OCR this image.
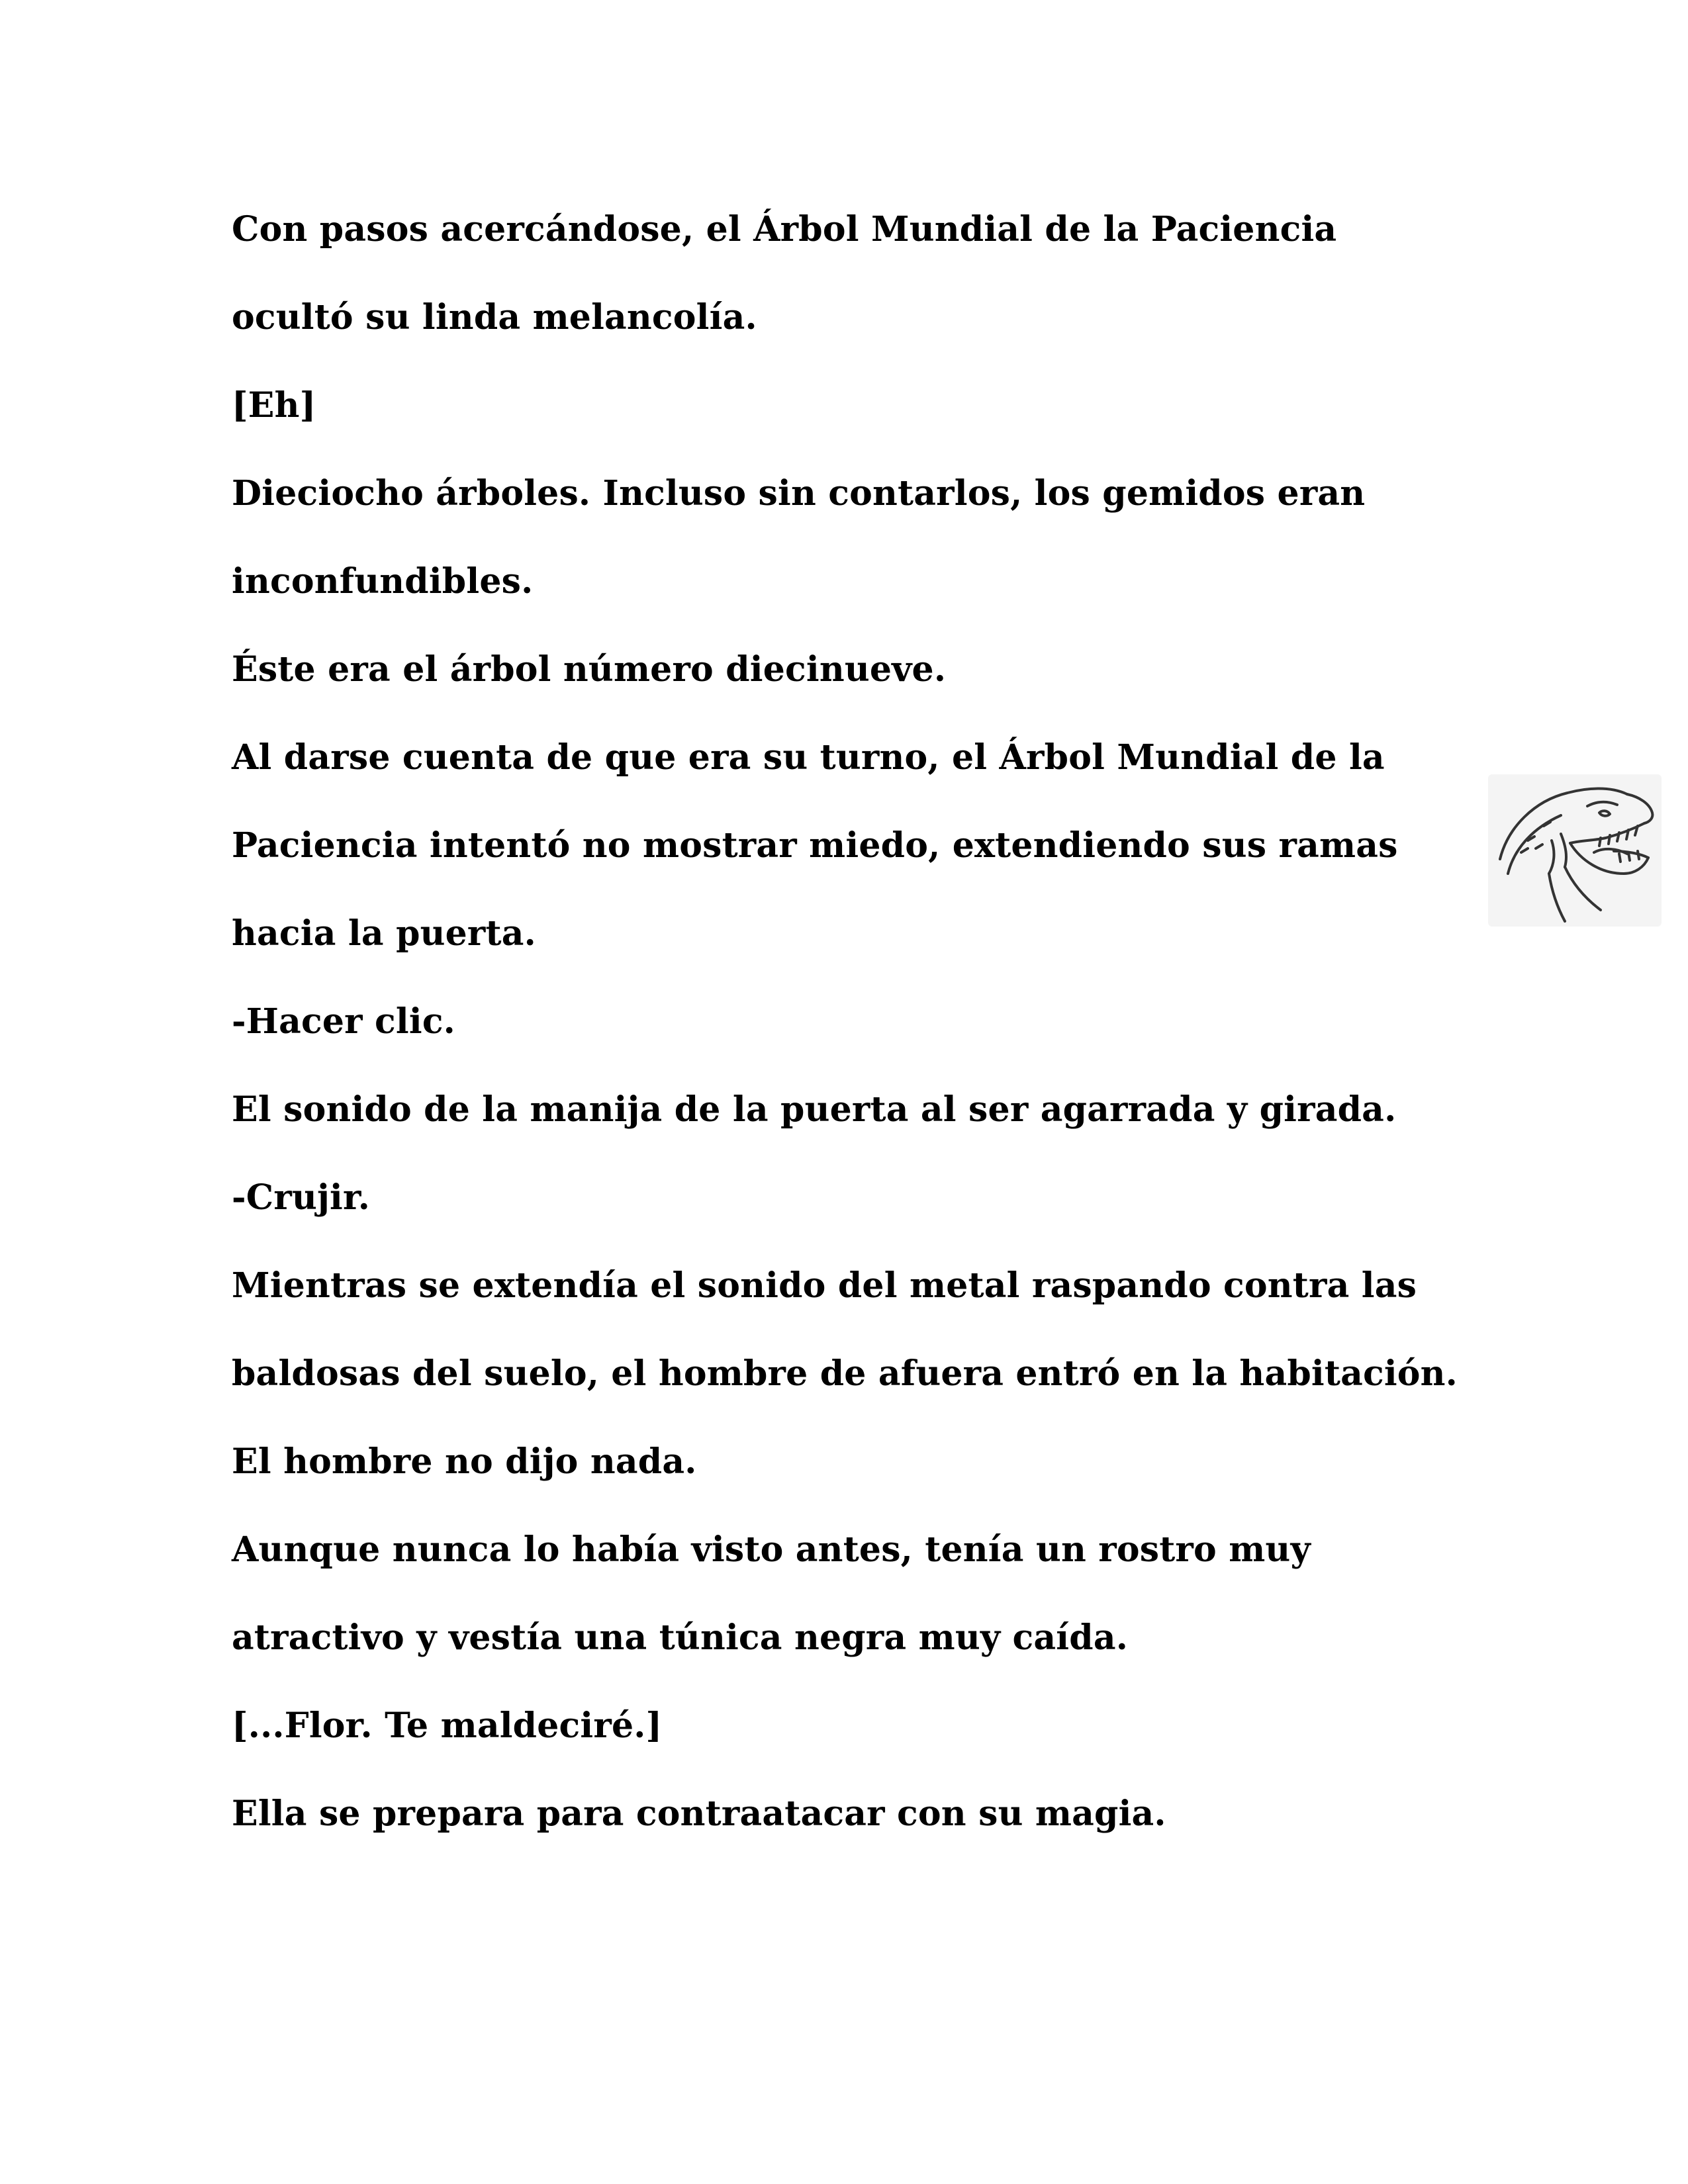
Con pasos acercándose, el Árbol Mundial de la Paciencia
ocultó su linda melancolía.
[Eh]
Dieciocho árboles. Incluso sin contarlos, los gemidos eran
inconfundibles.
Éste era el árbol número diecinueve.
Al darse cuenta de que era su turno, el Árbol Mundial de la
Paciencia intentó no mostrar miedo, extendiendo sus ramas
hacia la puerta.
-Hacer clic.
El sonido de la manija de la puerta al ser agarrada y girada.
-Crujir.
Mientras se extendía el sonido del metal raspando contra las
baldosas del suelo, el hombre de afuera entró en la habitación.
El hombre no dijo nada.
Aunque nunca lo había visto antes, tenía un rostro muy
atractivo y vestía una túnica negra muy caída.
[...Flor. Te maldeciré.]
Ella se prepara para contraatacar con su magia.
